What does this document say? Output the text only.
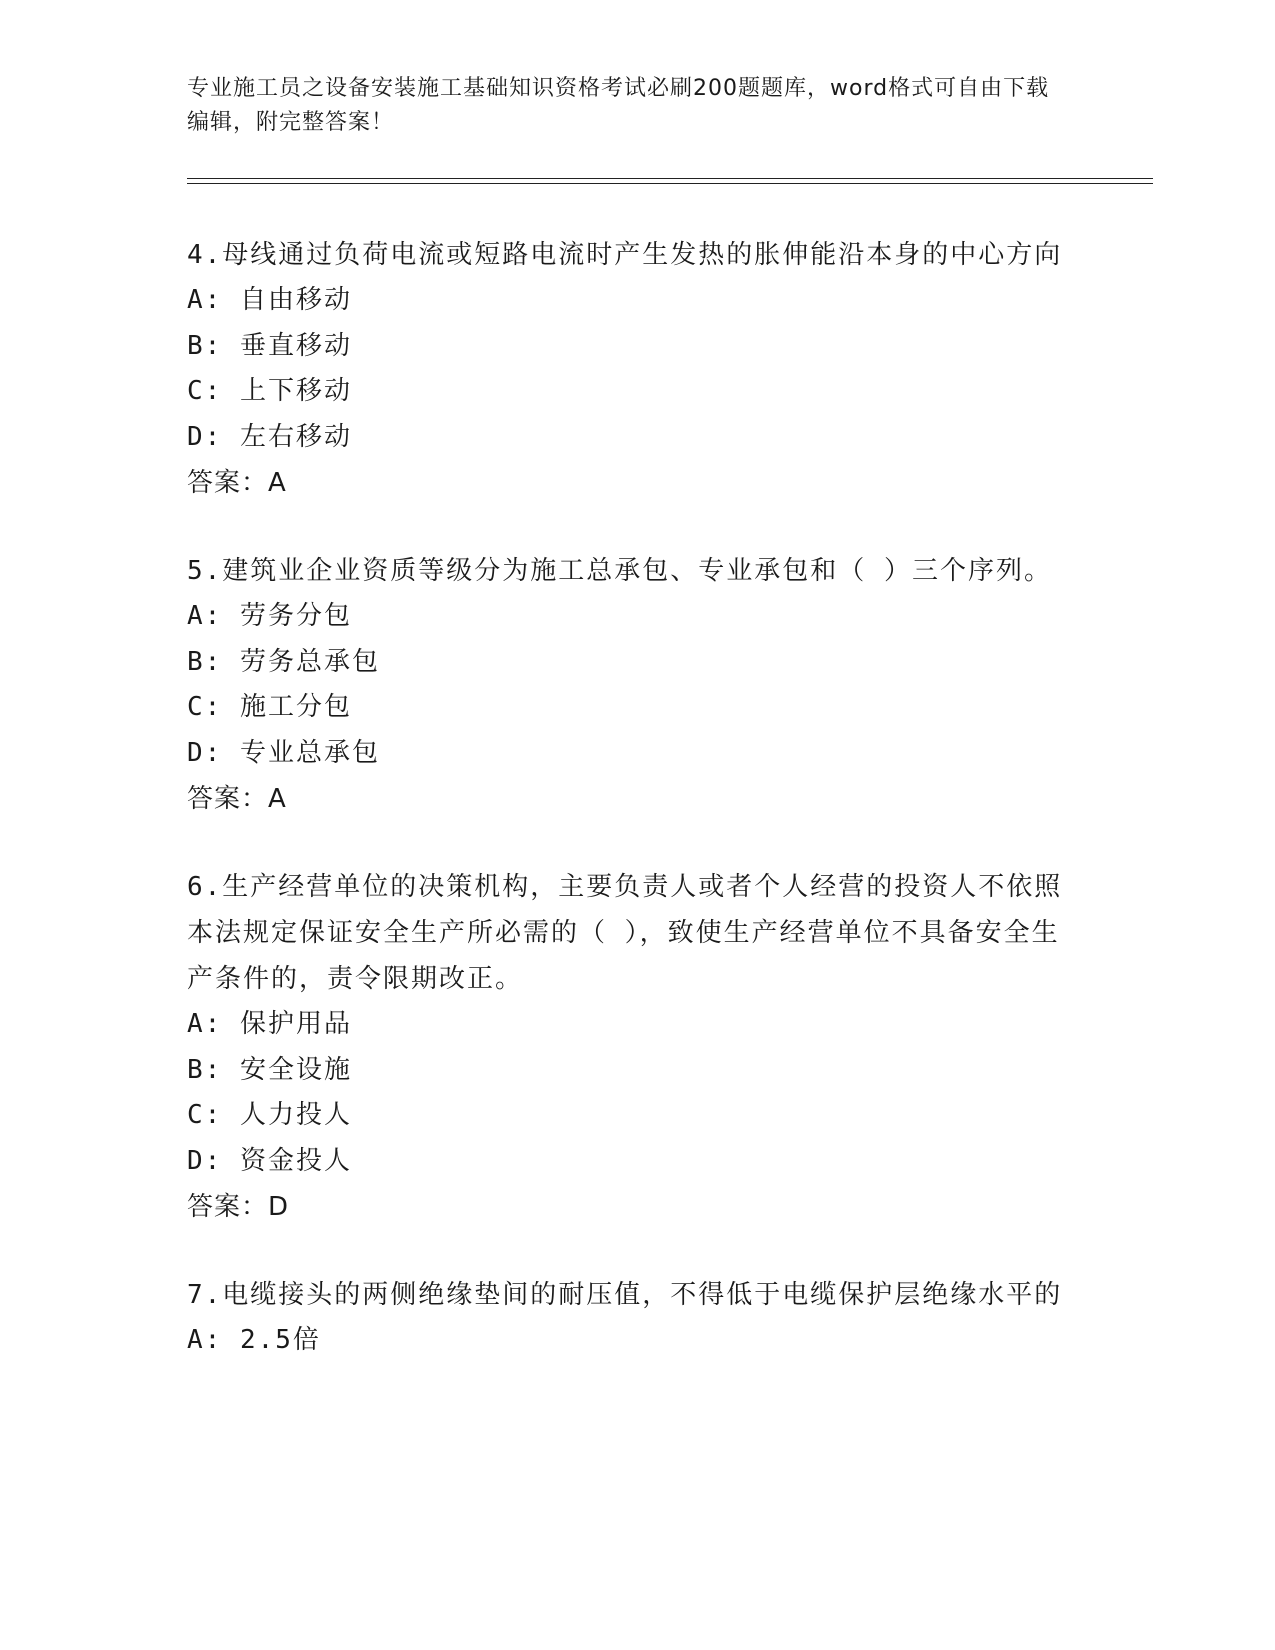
专业施工员之设备安装施工基础知识资格考试必刷200题题库，word格式可自由下载编辑，附完整答案！
4.母线通过负荷电流或短路电流时产生发热的胀伸能沿本身的中心方向
A: 自由移动
B: 垂直移动
C: 上下移动
D: 左右移动
答案：A
5.建筑业企业资质等级分为施工总承包、专业承包和（ ）三个序列。
A: 劳务分包
B: 劳务总承包
C: 施工分包
D: 专业总承包
答案：A
6.生产经营单位的决策机构，主要负责人或者个人经营的投资人不依照本法规定保证安全生产所必需的（ ），致使生产经营单位不具备安全生产条件的，责令限期改正。
A: 保护用品
B: 安全设施
C: 人力投人
D: 资金投人
答案：D
7.电缆接头的两侧绝缘垫间的耐压值，不得低于电缆保护层绝缘水平的
A: 2.5倍
